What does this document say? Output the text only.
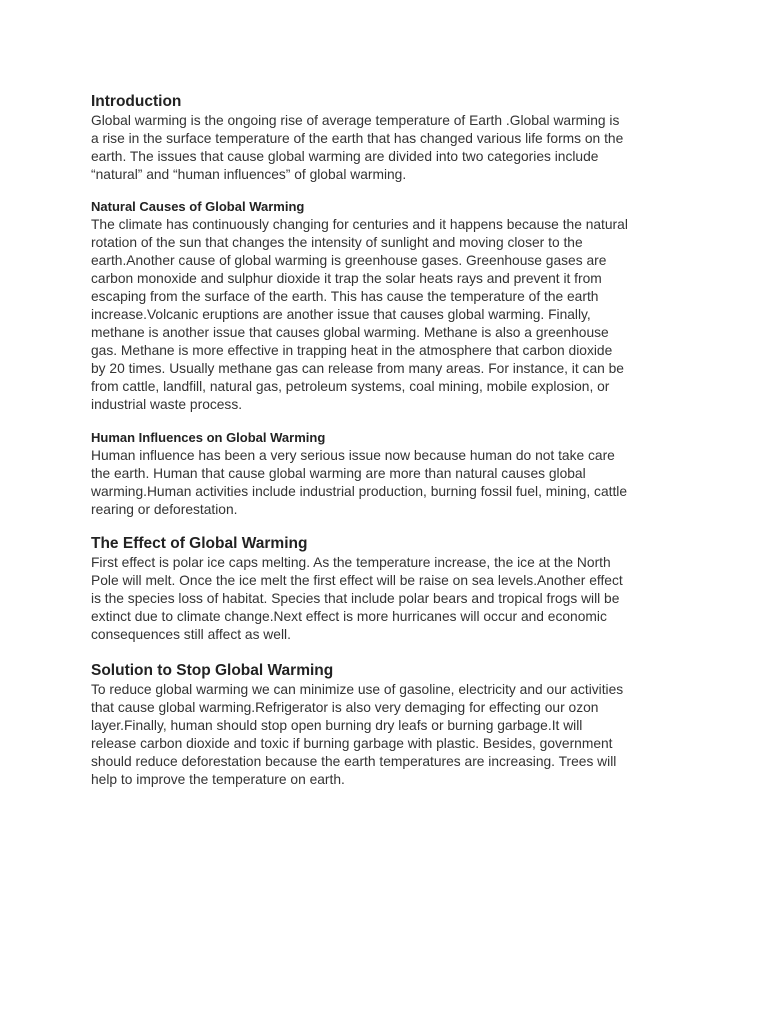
Introduction
Global warming is the ongoing rise of average temperature of Earth .Global warming is
a rise in the surface temperature of the earth that has changed various life forms on the
earth. The issues that cause global warming are divided into two categories include
“natural” and “human influences” of global warming.
Natural Causes of Global Warming
The climate has continuously changing for centuries and it happens because the natural
rotation of the sun that changes the intensity of sunlight and moving closer to the
earth.Another cause of global warming is greenhouse gases. Greenhouse gases are
carbon monoxide and sulphur dioxide it trap the solar heats rays and prevent it from
escaping from the surface of the earth. This has cause the temperature of the earth
increase.Volcanic eruptions are another issue that causes global warming. Finally,
methane is another issue that causes global warming. Methane is also a greenhouse
gas. Methane is more effective in trapping heat in the atmosphere that carbon dioxide
by 20 times. Usually methane gas can release from many areas. For instance, it can be
from cattle, landfill, natural gas, petroleum systems, coal mining, mobile explosion, or
industrial waste process.
Human Influences on Global Warming
Human influence has been a very serious issue now because human do not take care
the earth. Human that cause global warming are more than natural causes global
warming.Human activities include industrial production, burning fossil fuel, mining, cattle
rearing or deforestation.
The Effect of Global Warming
First effect is polar ice caps melting. As the temperature increase, the ice at the North
Pole will melt. Once the ice melt the first effect will be raise on sea levels.Another effect
is the species loss of habitat. Species that include polar bears and tropical frogs will be
extinct due to climate change.Next effect is more hurricanes will occur and economic
consequences still affect as well.
Solution to Stop Global Warming
To reduce global warming we can minimize use of gasoline, electricity and our activities
that cause global warming.Refrigerator is also very demaging for effecting our ozon
layer.Finally, human should stop open burning dry leafs or burning garbage.It will
release carbon dioxide and toxic if burning garbage with plastic. Besides, government
should reduce deforestation because the earth temperatures are increasing. Trees will
help to improve the temperature on earth.
